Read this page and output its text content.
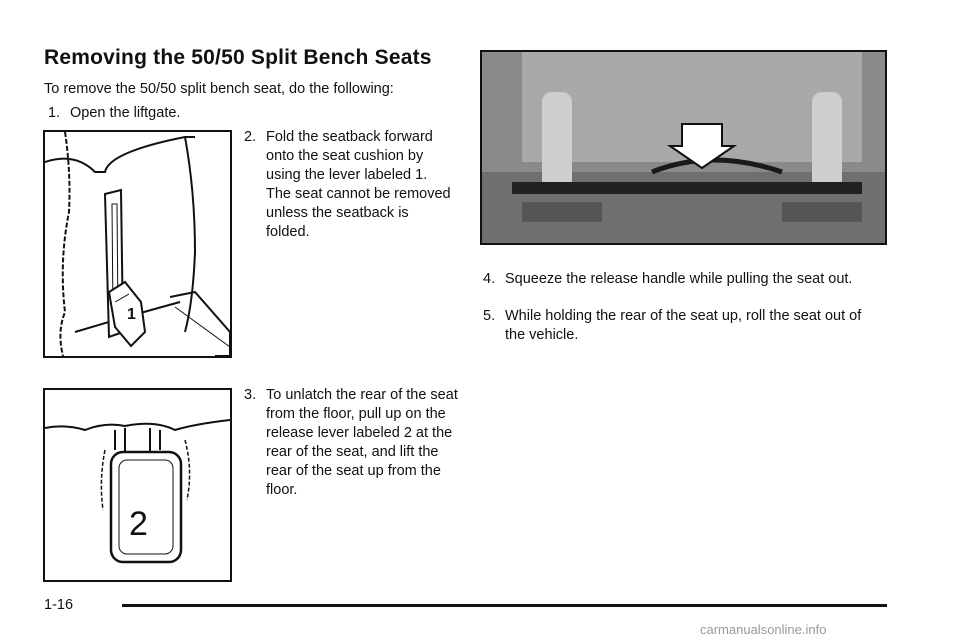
Removing the 50/50 Split Bench Seats
To remove the 50/50 split bench seat, do the following:
1. Open the liftgate.
1
2. Fold the seatback forward onto the seat cushion by using the lever labeled 1. The seat cannot be removed unless the seatback is folded.
2
3. To unlatch the rear of the seat from the floor, pull up on the release lever labeled 2 at the rear of the seat, and lift the rear of the seat up from the floor.
4. Squeeze the release handle while pulling the seat out.
5. While holding the rear of the seat up, roll the seat out of the vehicle.
1-16
carmanualsonline.info
